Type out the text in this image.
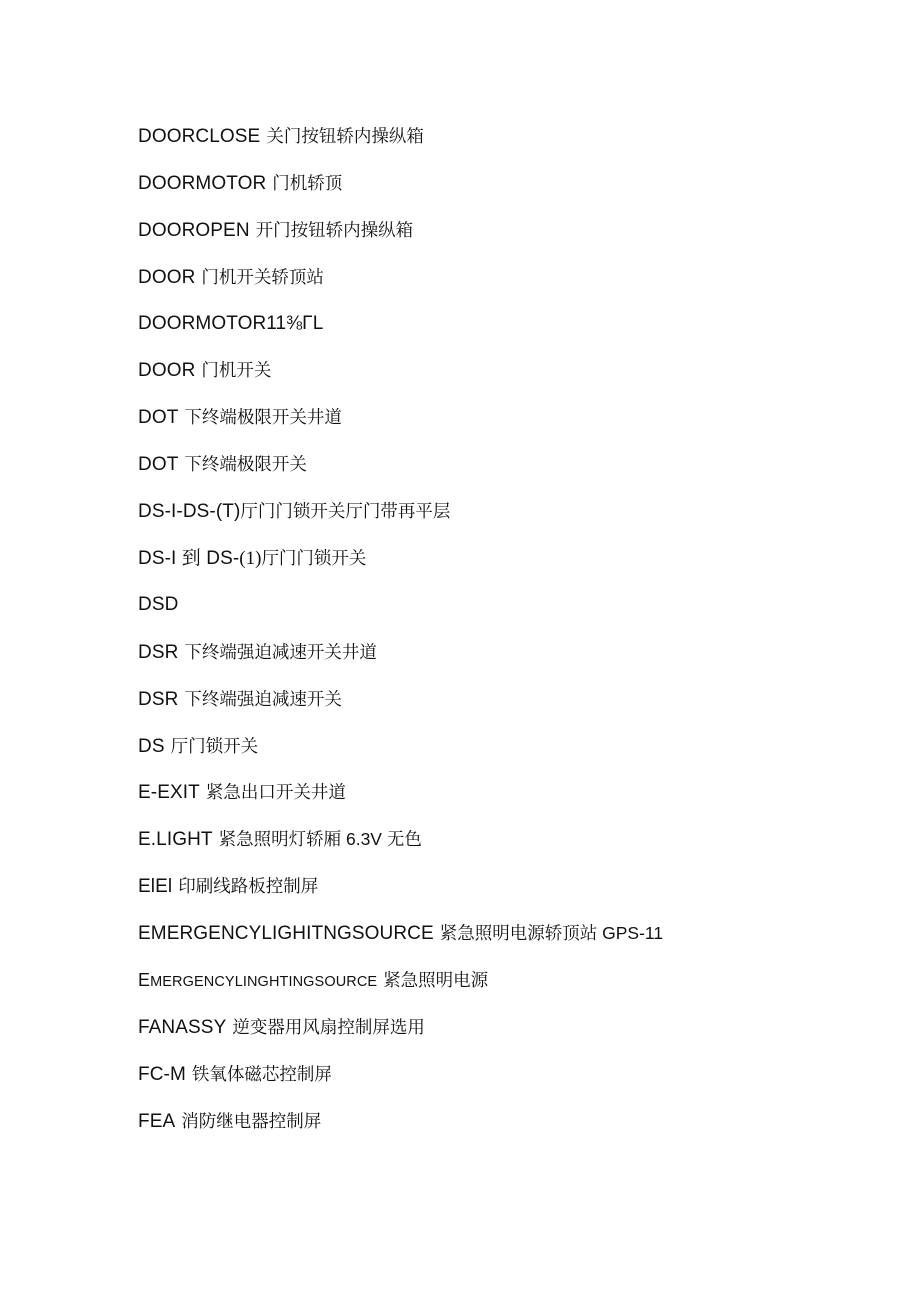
DOORCLOSE 关门按钮轿内操纵箱
DOORMOTOR 门机轿顶
DOOROPEN 开门按钮轿内操纵箱
DOOR 门机开关轿顶站
DOORMOTOR11⅜ΓL
DOOR 门机开关
DOT 下终端极限开关井道
DOT 下终端极限开关
DS-I-DS-(T)厅门门锁开关厅门带再平层
DS-I 到 DS-(1)厅门门锁开关
DSD
DSR 下终端强迫减速开关井道
DSR 下终端强迫减速开关
DS 厅门锁开关
E-EXIT 紧急出口开关井道
E.LIGHT 紧急照明灯轿厢 6.3V 无色
ElEl 印刷线路板控制屏
EMERGENCYLIGHITNGSOURCE 紧急照明电源轿顶站 GPS-11
EMERGENCYLINGHTINGSOURCE 紧急照明电源
FANASSY 逆变器用风扇控制屏选用
FC-M 铁氧体磁芯控制屏
FEA 消防继电器控制屏
